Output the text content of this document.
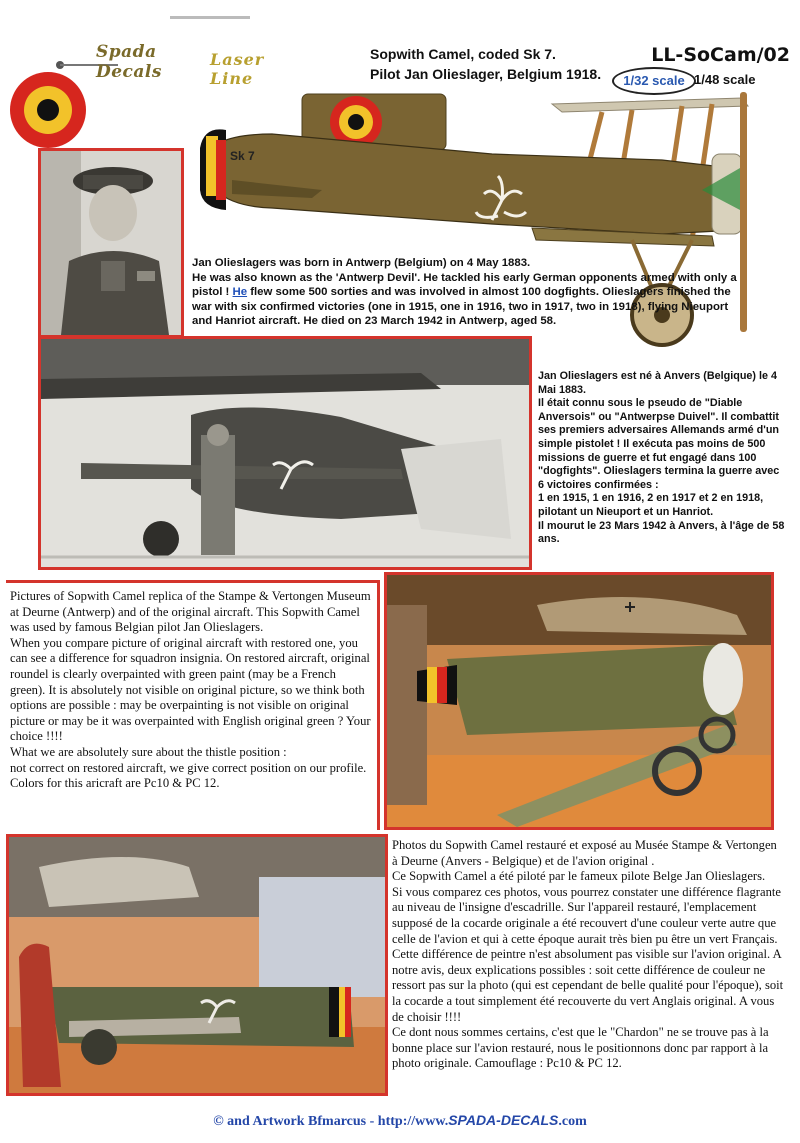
Spada Decals
Laser Line
Sopwith Camel, coded Sk 7.
Pilot Jan Olieslager, Belgium 1918.
LL-SoCam/02
1/32 scale 1/48 scale
Sk 7
Jan Olieslagers was born in Antwerp (Belgium) on 4 May 1883.
He was also known as the 'Antwerp Devil'. He tackled his early German opponents armed with only a pistol ! He flew some 500 sorties and was involved in almost 100 dogfights. Olieslagers finished the war with six confirmed victories (one in 1915, one in 1916, two in 1917, two in 1918), flying Nieuport and Hanriot aircraft. He died on 23 March 1942 in Antwerp, aged 58.
Jan Olieslagers est né à Anvers (Belgique) le 4 Mai 1883.
Il était connu sous le pseudo de "Diable Anversois" ou "Antwerpse Duivel". Il combattit ses premiers adversaires Allemands armé d'un simple pistolet ! Il exécuta pas moins de 500 missions de guerre et fut engagé dans 100 "dogfights". Olieslagers termina la guerre avec 6 victoires confirmées :
1 en 1915, 1 en 1916, 2 en 1917 et 2 en 1918, pilotant un Nieuport et un Hanriot.
Il mourut le 23 Mars 1942 à Anvers, à l'âge de 58 ans.

Pictures of Sopwith Camel replica of the Stampe & Vertongen Museum at Deurne (Antwerp) and of the original aircraft. This Sopwith Camel was used by famous Belgian pilot Jan Olieslagers.

When you compare picture of original aircraft with restored one, you can see a difference for squadron insignia. On restored aircraft, original roundel is clearly overpainted with green paint (may be a French green). It is absolutely not visible on original picture, so we think both options are possible : may be overpainting is not visible on original picture or may be it was overpainted with English original green ? Your choice !!!!

What we are absolutely sure about the thistle position :

not correct on restored aircraft, we give correct position on our profile.

Colors for this aricraft are Pc10 & PC 12.

Photos du Sopwith Camel restauré et exposé au Musée Stampe & Vertongen à Deurne (Anvers - Belgique) et de l'avion original .

Ce Sopwith Camel a été piloté par le fameux pilote Belge Jan Olieslagers.

Si vous comparez ces photos, vous pourrez constater une différence flagrante au niveau de l'insigne d'escadrille. Sur l'appareil restauré, l'emplacement supposé de la cocarde originale a été recouvert d'une couleur verte autre que celle de l'avion et qui à cette époque aurait très bien pu être un vert Français. Cette différence de peintre n'est absolument pas visible sur l'avion original. A notre avis, deux explications possibles : soit cette différence de couleur ne ressort pas sur la photo (qui est cependant de belle qualité pour l'époque), soit la cocarde a tout simplement été recouverte du vert Anglais original. A vous de choisir !!!!

Ce dont nous sommes certains, c'est que le "Chardon" ne se trouve pas à la bonne place sur l'avion restauré, nous le positionnons donc par rapport à la photo originale. Camouflage : Pc10 & PC 12.

© and Artwork Bfmarcus - http://www.SPADA-DECALS.com
